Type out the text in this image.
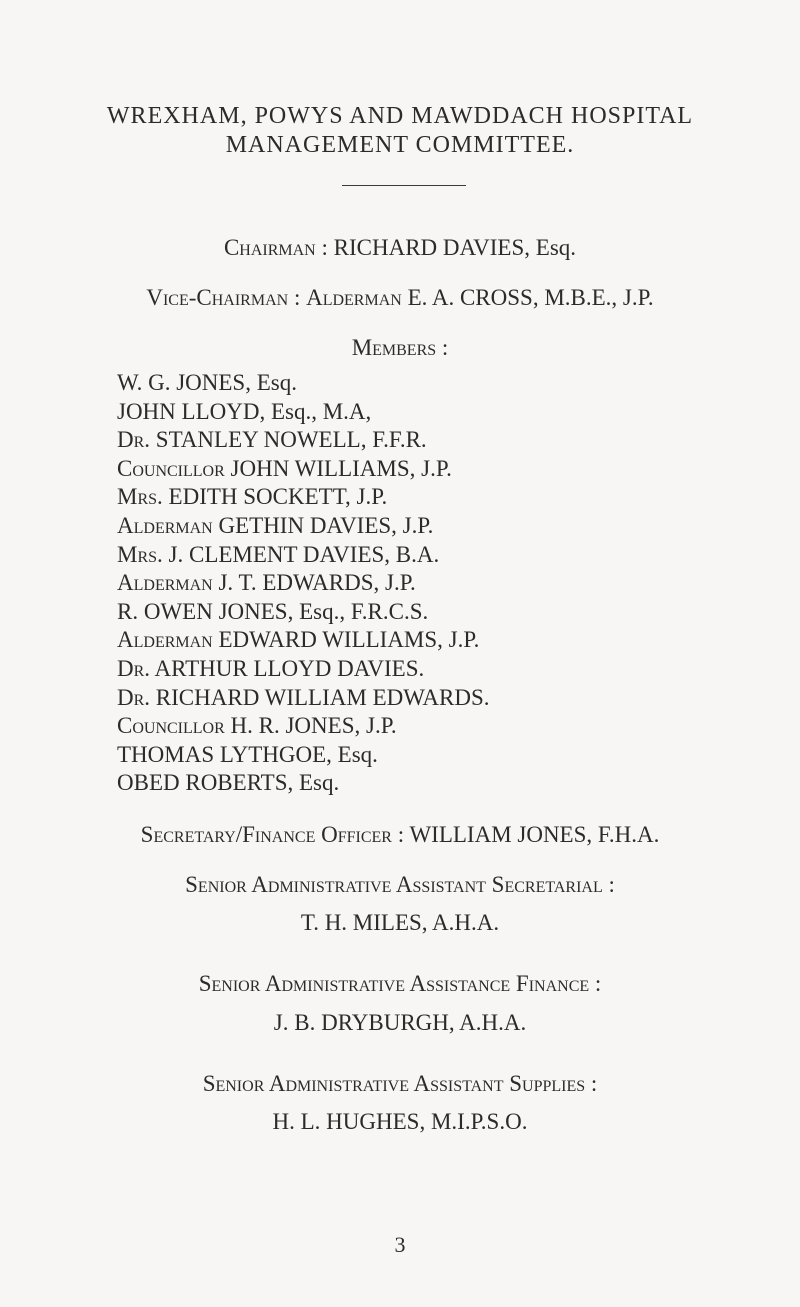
WREXHAM, POWYS AND MAWDDACH HOSPITAL
MANAGEMENT COMMITTEE.
Chairman : RICHARD DAVIES, Esq.
Vice-Chairman : Alderman E. A. CROSS, M.B.E., J.P.
Members :
W. G. JONES, Esq.
JOHN LLOYD, Esq., M.A,
Dr. STANLEY NOWELL, F.F.R.
Councillor JOHN WILLIAMS, J.P.
Mrs. EDITH SOCKETT, J.P.
Alderman GETHIN DAVIES, J.P.
Mrs. J. CLEMENT DAVIES, B.A.
Alderman J. T. EDWARDS, J.P.
R. OWEN JONES, Esq., F.R.C.S.
Alderman EDWARD WILLIAMS, J.P.
Dr. ARTHUR LLOYD DAVIES.
Dr. RICHARD WILLIAM EDWARDS.
Councillor H. R. JONES, J.P.
THOMAS LYTHGOE, Esq.
OBED ROBERTS, Esq.
Secretary/Finance Officer : WILLIAM JONES, F.H.A.
Senior Administrative Assistant Secretarial :
T. H. MILES, A.H.A.
Senior Administrative Assistance Finance :
J. B. DRYBURGH, A.H.A.
Senior Administrative Assistant Supplies :
H. L. HUGHES, M.I.P.S.O.
3
